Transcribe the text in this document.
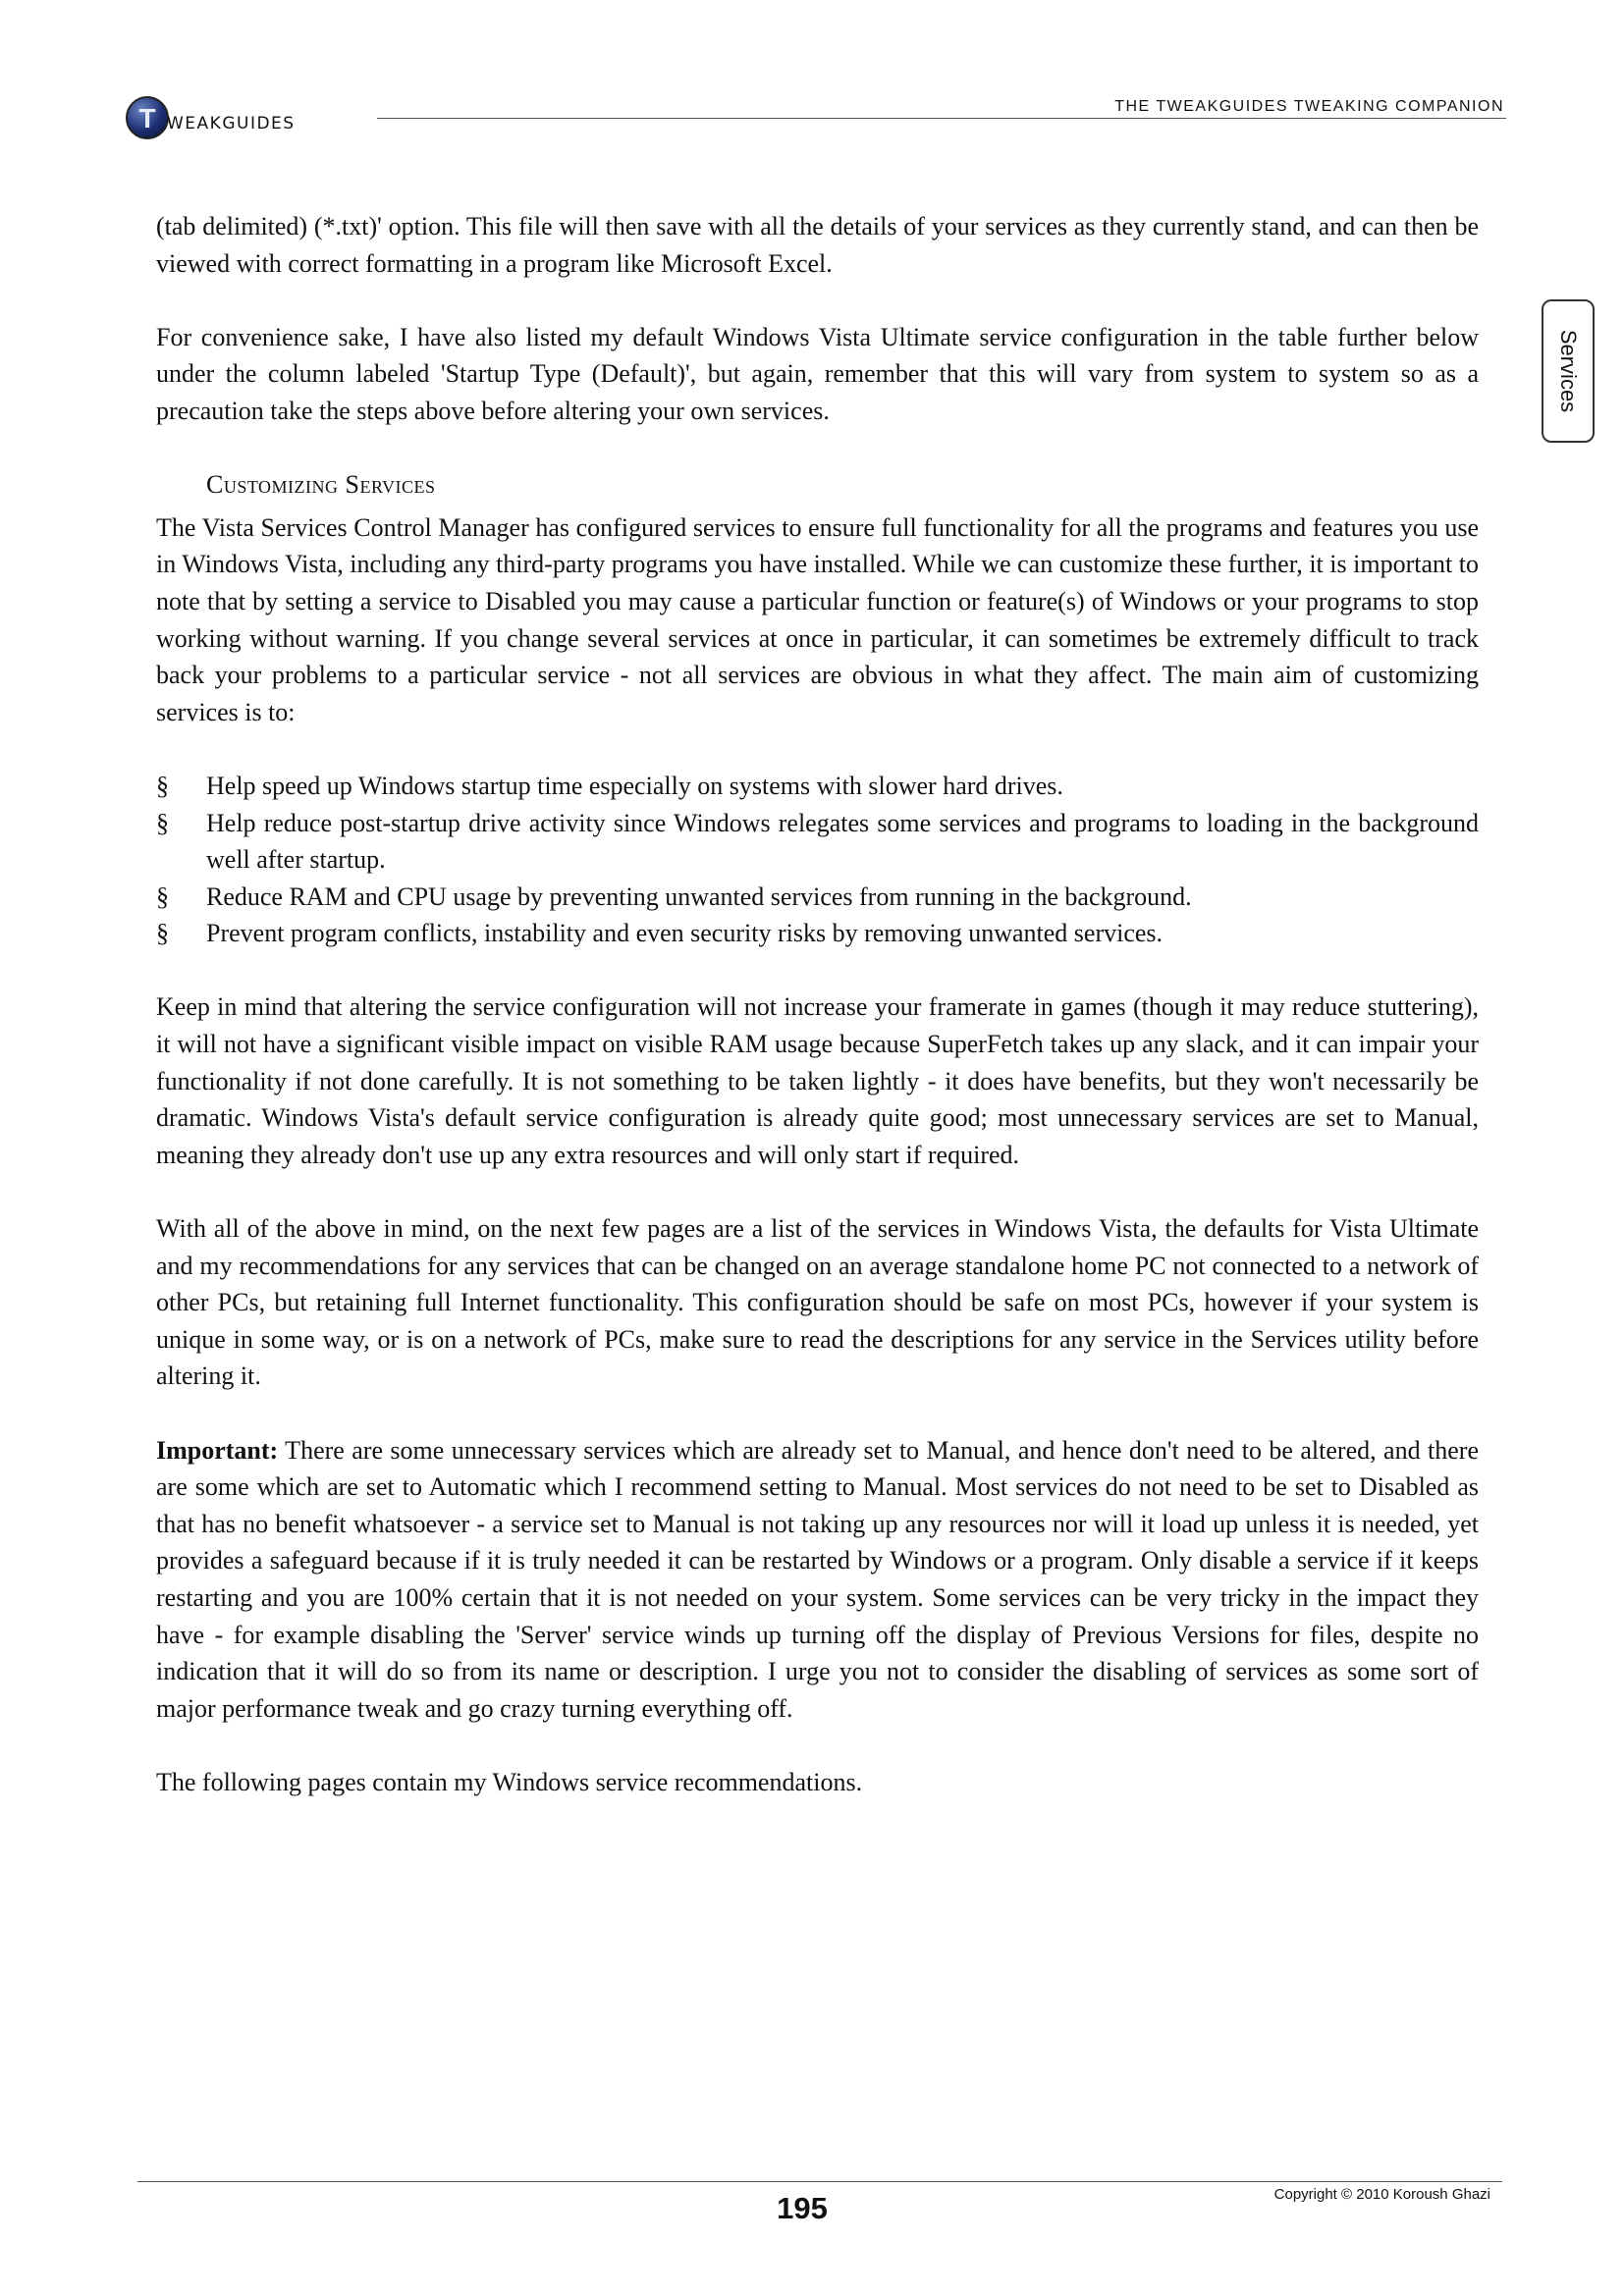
T WEAKGUIDES
THE TWEAKGUIDES TWEAKING COMPANION
Services

(tab delimited) (*.txt)' option. This file will then save with all the details of your services as they currently stand, and can then be viewed with correct formatting in a program like Microsoft Excel.

For convenience sake, I have also listed my default Windows Vista Ultimate service configuration in the table further below under the column labeled 'Startup Type (Default)', but again, remember that this will vary from system to system so as a precaution take the steps above before altering your own services.

Customizing Services

The Vista Services Control Manager has configured services to ensure full functionality for all the programs and features you use in Windows Vista, including any third-party programs you have installed. While we can customize these further, it is important to note that by setting a service to Disabled you may cause a particular function or feature(s) of Windows or your programs to stop working without warning. If you change several services at once in particular, it can sometimes be extremely difficult to track back your problems to a particular service - not all services are obvious in what they affect. The main aim of customizing services is to:

§ Help speed up Windows startup time especially on systems with slower hard drives.
§ Help reduce post-startup drive activity since Windows relegates some services and programs to loading in the background well after startup.
§ Reduce RAM and CPU usage by preventing unwanted services from running in the background.
§ Prevent program conflicts, instability and even security risks by removing unwanted services.

Keep in mind that altering the service configuration will not increase your framerate in games (though it may reduce stuttering), it will not have a significant visible impact on visible RAM usage because SuperFetch takes up any slack, and it can impair your functionality if not done carefully. It is not something to be taken lightly - it does have benefits, but they won't necessarily be dramatic. Windows Vista's default service configuration is already quite good; most unnecessary services are set to Manual, meaning they already don't use up any extra resources and will only start if required.

With all of the above in mind, on the next few pages are a list of the services in Windows Vista, the defaults for Vista Ultimate and my recommendations for any services that can be changed on an average standalone home PC not connected to a network of other PCs, but retaining full Internet functionality. This configuration should be safe on most PCs, however if your system is unique in some way, or is on a network of PCs, make sure to read the descriptions for any service in the Services utility before altering it.

Important: There are some unnecessary services which are already set to Manual, and hence don't need to be altered, and there are some which are set to Automatic which I recommend setting to Manual. Most services do not need to be set to Disabled as that has no benefit whatsoever - a service set to Manual is not taking up any resources nor will it load up unless it is needed, yet provides a safeguard because if it is truly needed it can be restarted by Windows or a program. Only disable a service if it keeps restarting and you are 100% certain that it is not needed on your system. Some services can be very tricky in the impact they have - for example disabling the 'Server' service winds up turning off the display of Previous Versions for files, despite no indication that it will do so from its name or description. I urge you not to consider the disabling of services as some sort of major performance tweak and go crazy turning everything off.

The following pages contain my Windows service recommendations.

195	Copyright © 2010 Koroush Ghazi
